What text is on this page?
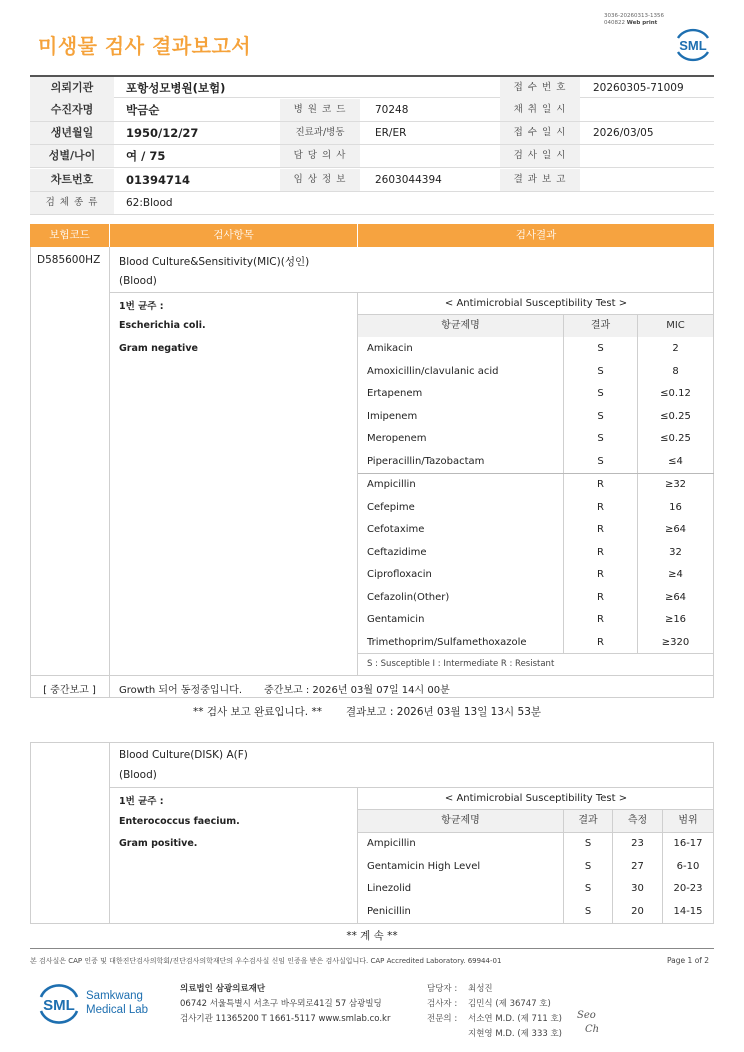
3036-20260313-1356
040822 Web print
미생물 검사 결과보고서	SML
의뢰기관	포항성모병원(보험)	접 수 번 호	20260305-71009
수진자명	박금순	병 원 코 드	70248	채 취 일 시
생년월일	1950/12/27	진료과/병동	ER/ER	접 수 일 시	2026/03/05
성별/나이	여 / 75	담 당 의 사	검 사 일 시
차트번호	01394714	임 상 정 보	2603044394	결 과 보 고
검 체 종 류	62:Blood
보험코드	검사항목	검사결과
D585600HZ Blood Culture&Sensitivity(MIC)(성인)
(Blood)
1번 균주 :
Escherichia coli.
Gram negative
< Antimicrobial Susceptibility Test >
항균제명	결과	MIC
Amikacin	S	2
Amoxicillin/clavulanic acid	S	8
Ertapenem	S	≤0.12
Imipenem	S	≤0.25
Meropenem	S	≤0.25
Piperacillin/Tazobactam	S	≤4
Ampicillin	R	≥32
Cefepime	R	16
Cefotaxime	R	≥64
Ceftazidime	R	32
Ciprofloxacin	R	≥4
Cefazolin(Other)	R	≥64
Gentamicin	R	≥16
Trimethoprim/Sulfamethoxazole	R	≥320
S : Susceptible I : Intermediate R : Resistant
[ 중간보고 ]	Growth 되어 동정중입니다. 중간보고 : 2026년 03월 07일 14시 00분
** 검사 보고 완료입니다. ** 결과보고 : 2026년 03월 13일 13시 53분
Blood Culture(DISK) A(F)
(Blood)
1번 균주 :
Enterococcus faecium.
Gram positive.
< Antimicrobial Susceptibility Test >
항균제명	결과	측정	범위
Ampicillin	S	23	16-17
Gentamicin High Level	S	27	6-10
Linezolid	S	30	20-23
Penicillin	S	20	14-15
** 계 속 **
본 검사실은 CAP 인증 및 대한진단검사의학회/진단검사의학재단의 우수검사실 신임 인증을 받은 검사실입니다. CAP Accredited Laboratory. 69944-01	Page 1 of 2
SML
Samkwang
Medical Lab
의료법인 삼광의료재단
06742 서울특별시 서초구 바우뫼로41길 57 삼광빌딩
검사기관 11365200 T 1661-5117 www.smlab.co.kr
담당자 : 최성진
검사자 : 김민식 (제 36747 호)
전문의 : 서소연 M.D. (제 711 호)
지현영 M.D. (제 333 호)
Seo
Ch
